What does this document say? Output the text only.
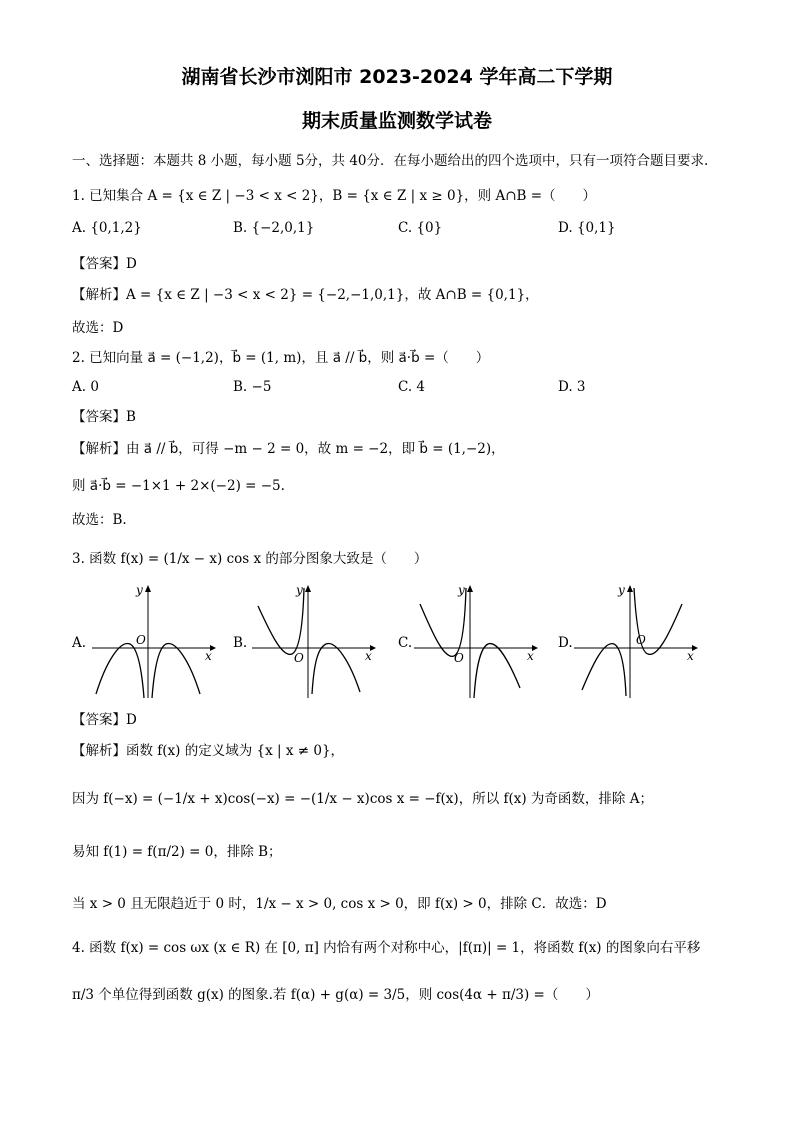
湖南省长沙市浏阳市 2023-2024 学年高二下学期
期末质量监测数学试卷
一、选择题：本题共 8 小题，每小题 5分，共 40分．在每小题给出的四个选项中，只有一项符合题目要求.
1. 已知集合 A = {x ∈ Z | −3 < x < 2}，B = {x ∈ Z | x ≥ 0}，则 A∩B =（　　）
A. {0,1,2}	B. {−2,0,1}	C. {0}	D. {0,1}
【答案】D
【解析】A = {x ∈ Z | −3 < x < 2} = {−2,−1,0,1}，故 A∩B = {0,1}，
故选：D
2. 已知向量 a⃗ = (−1,2)，b⃗ = (1, m)，且 a⃗ // b⃗，则 a⃗·b⃗ =（　　）
A. 0	B. −5	C. 4	D. 3
【答案】B
【解析】由 a⃗ // b⃗，可得 −m − 2 = 0，故 m = −2，即 b⃗ = (1,−2)，
则 a⃗·b⃗ = −1×1 + 2×(−2) = −5.
故选：B.
3. 函数 f(x) = (1/x − x) cos x 的部分图象大致是（　　）
A.	B.	C.	D.
y
x
O
y
x
O
y
x
O
y
x
O
【答案】D
【解析】函数 f(x) 的定义域为 {x | x ≠ 0}，
因为 f(−x) = (−1/x + x)cos(−x) = −(1/x − x)cos x = −f(x)，所以 f(x) 为奇函数，排除 A；
易知 f(1) = f(π/2) = 0，排除 B；
当 x > 0 且无限趋近于 0 时，1/x − x > 0, cos x > 0，即 f(x) > 0，排除 C．故选：D
4. 函数 f(x) = cos ωx (x ∈ R) 在 [0, π] 内恰有两个对称中心，|f(π)| = 1，将函数 f(x) 的图象向右平移
π/3 个单位得到函数 g(x) 的图象.若 f(α) + g(α) = 3/5，则 cos(4α + π/3) =（　　）
